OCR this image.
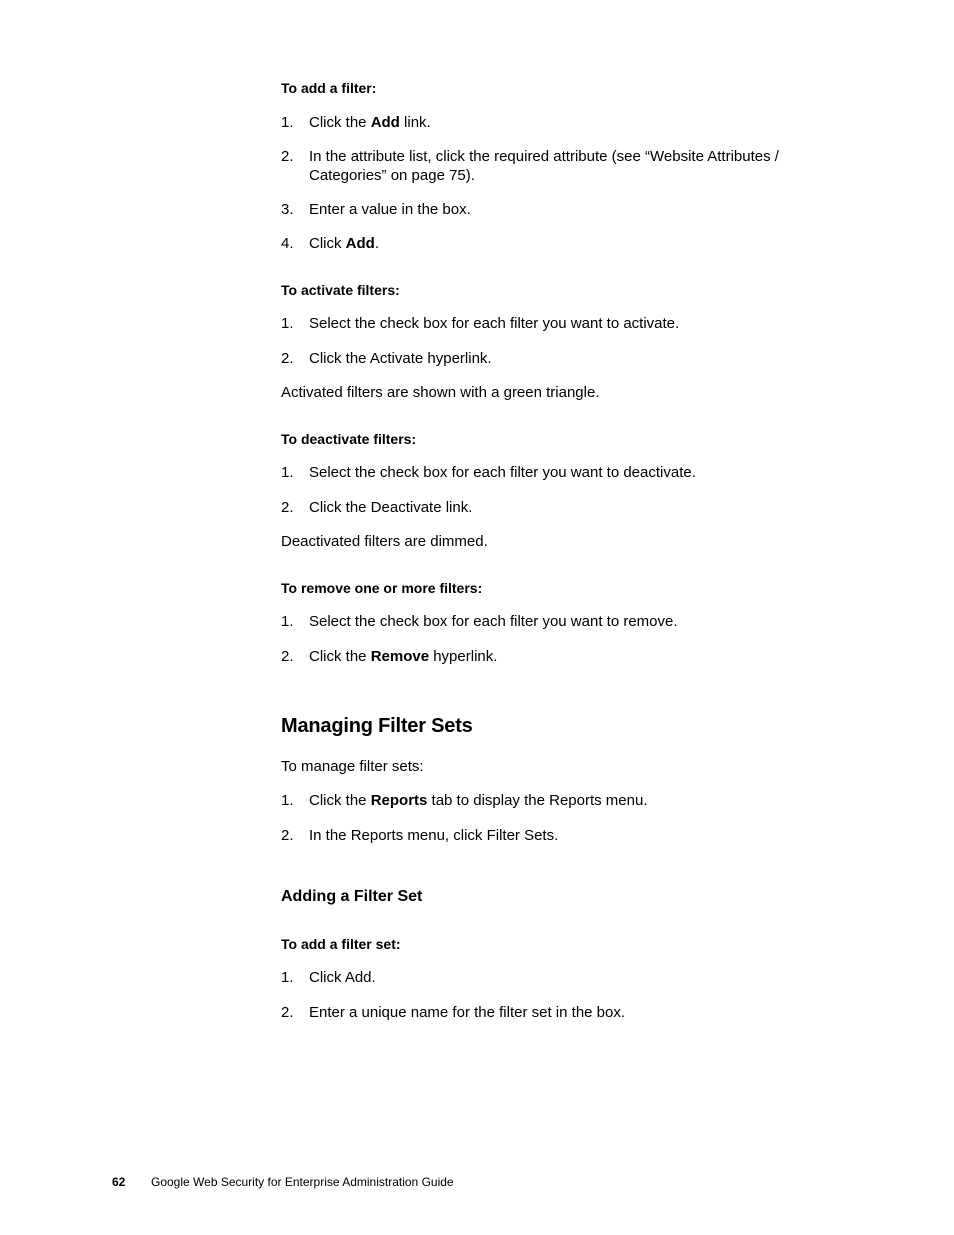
To add a filter:
1. Click the Add link.
2. In the attribute list, click the required attribute (see “Website Attributes / Categories” on page 75).
3. Enter a value in the box.
4. Click Add.
To activate filters:
1. Select the check box for each filter you want to activate.
2. Click the Activate hyperlink.
Activated filters are shown with a green triangle.
To deactivate filters:
1. Select the check box for each filter you want to deactivate.
2. Click the Deactivate link.
Deactivated filters are dimmed.
To remove one or more filters:
1. Select the check box for each filter you want to remove.
2. Click the Remove hyperlink.
Managing Filter Sets
To manage filter sets:
1. Click the Reports tab to display the Reports menu.
2. In the Reports menu, click Filter Sets.
Adding a Filter Set
To add a filter set:
1. Click Add.
2. Enter a unique name for the filter set in the box.
62 Google Web Security for Enterprise Administration Guide
